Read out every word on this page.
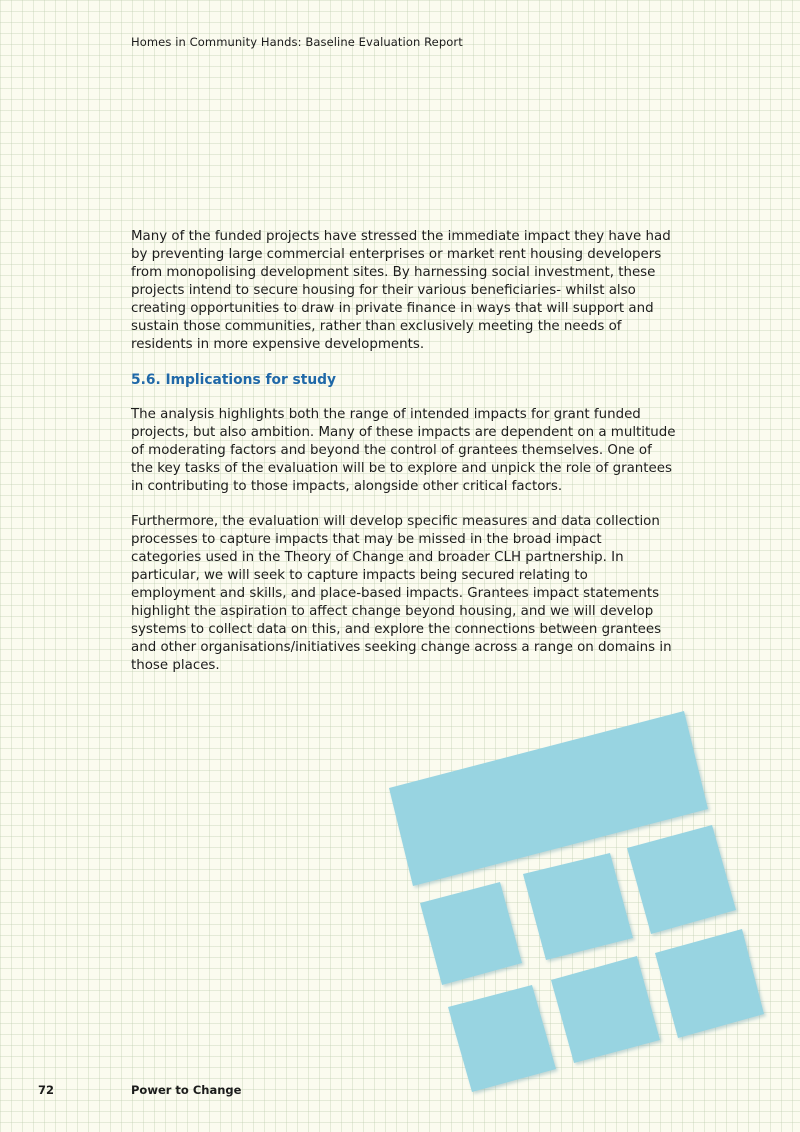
Homes in Community Hands: Baseline Evaluation Report

Many of the funded projects have stressed the immediate impact they have had by preventing large commercial enterprises or market rent housing developers from monopolising development sites. By harnessing social investment, these projects intend to secure housing for their various beneficiaries- whilst also creating opportunities to draw in private finance in ways that will support and sustain those communities, rather than exclusively meeting the needs of residents in more expensive developments.

5.6. Implications for study

The analysis highlights both the range of intended impacts for grant funded projects, but also ambition. Many of these impacts are dependent on a multitude of moderating factors and beyond the control of grantees themselves. One of the key tasks of the evaluation will be to explore and unpick the role of grantees in contributing to those impacts, alongside other critical factors.

Furthermore, the evaluation will develop specific measures and data collection processes to capture impacts that may be missed in the broad impact categories used in the Theory of Change and broader CLH partnership. In particular, we will seek to capture impacts being secured relating to employment and skills, and place-based impacts. Grantees impact statements highlight the aspiration to affect change beyond housing, and we will develop systems to collect data on this, and explore the connections between grantees and other organisations/initiatives seeking change across a range on domains in those places.

72	Power to Change
